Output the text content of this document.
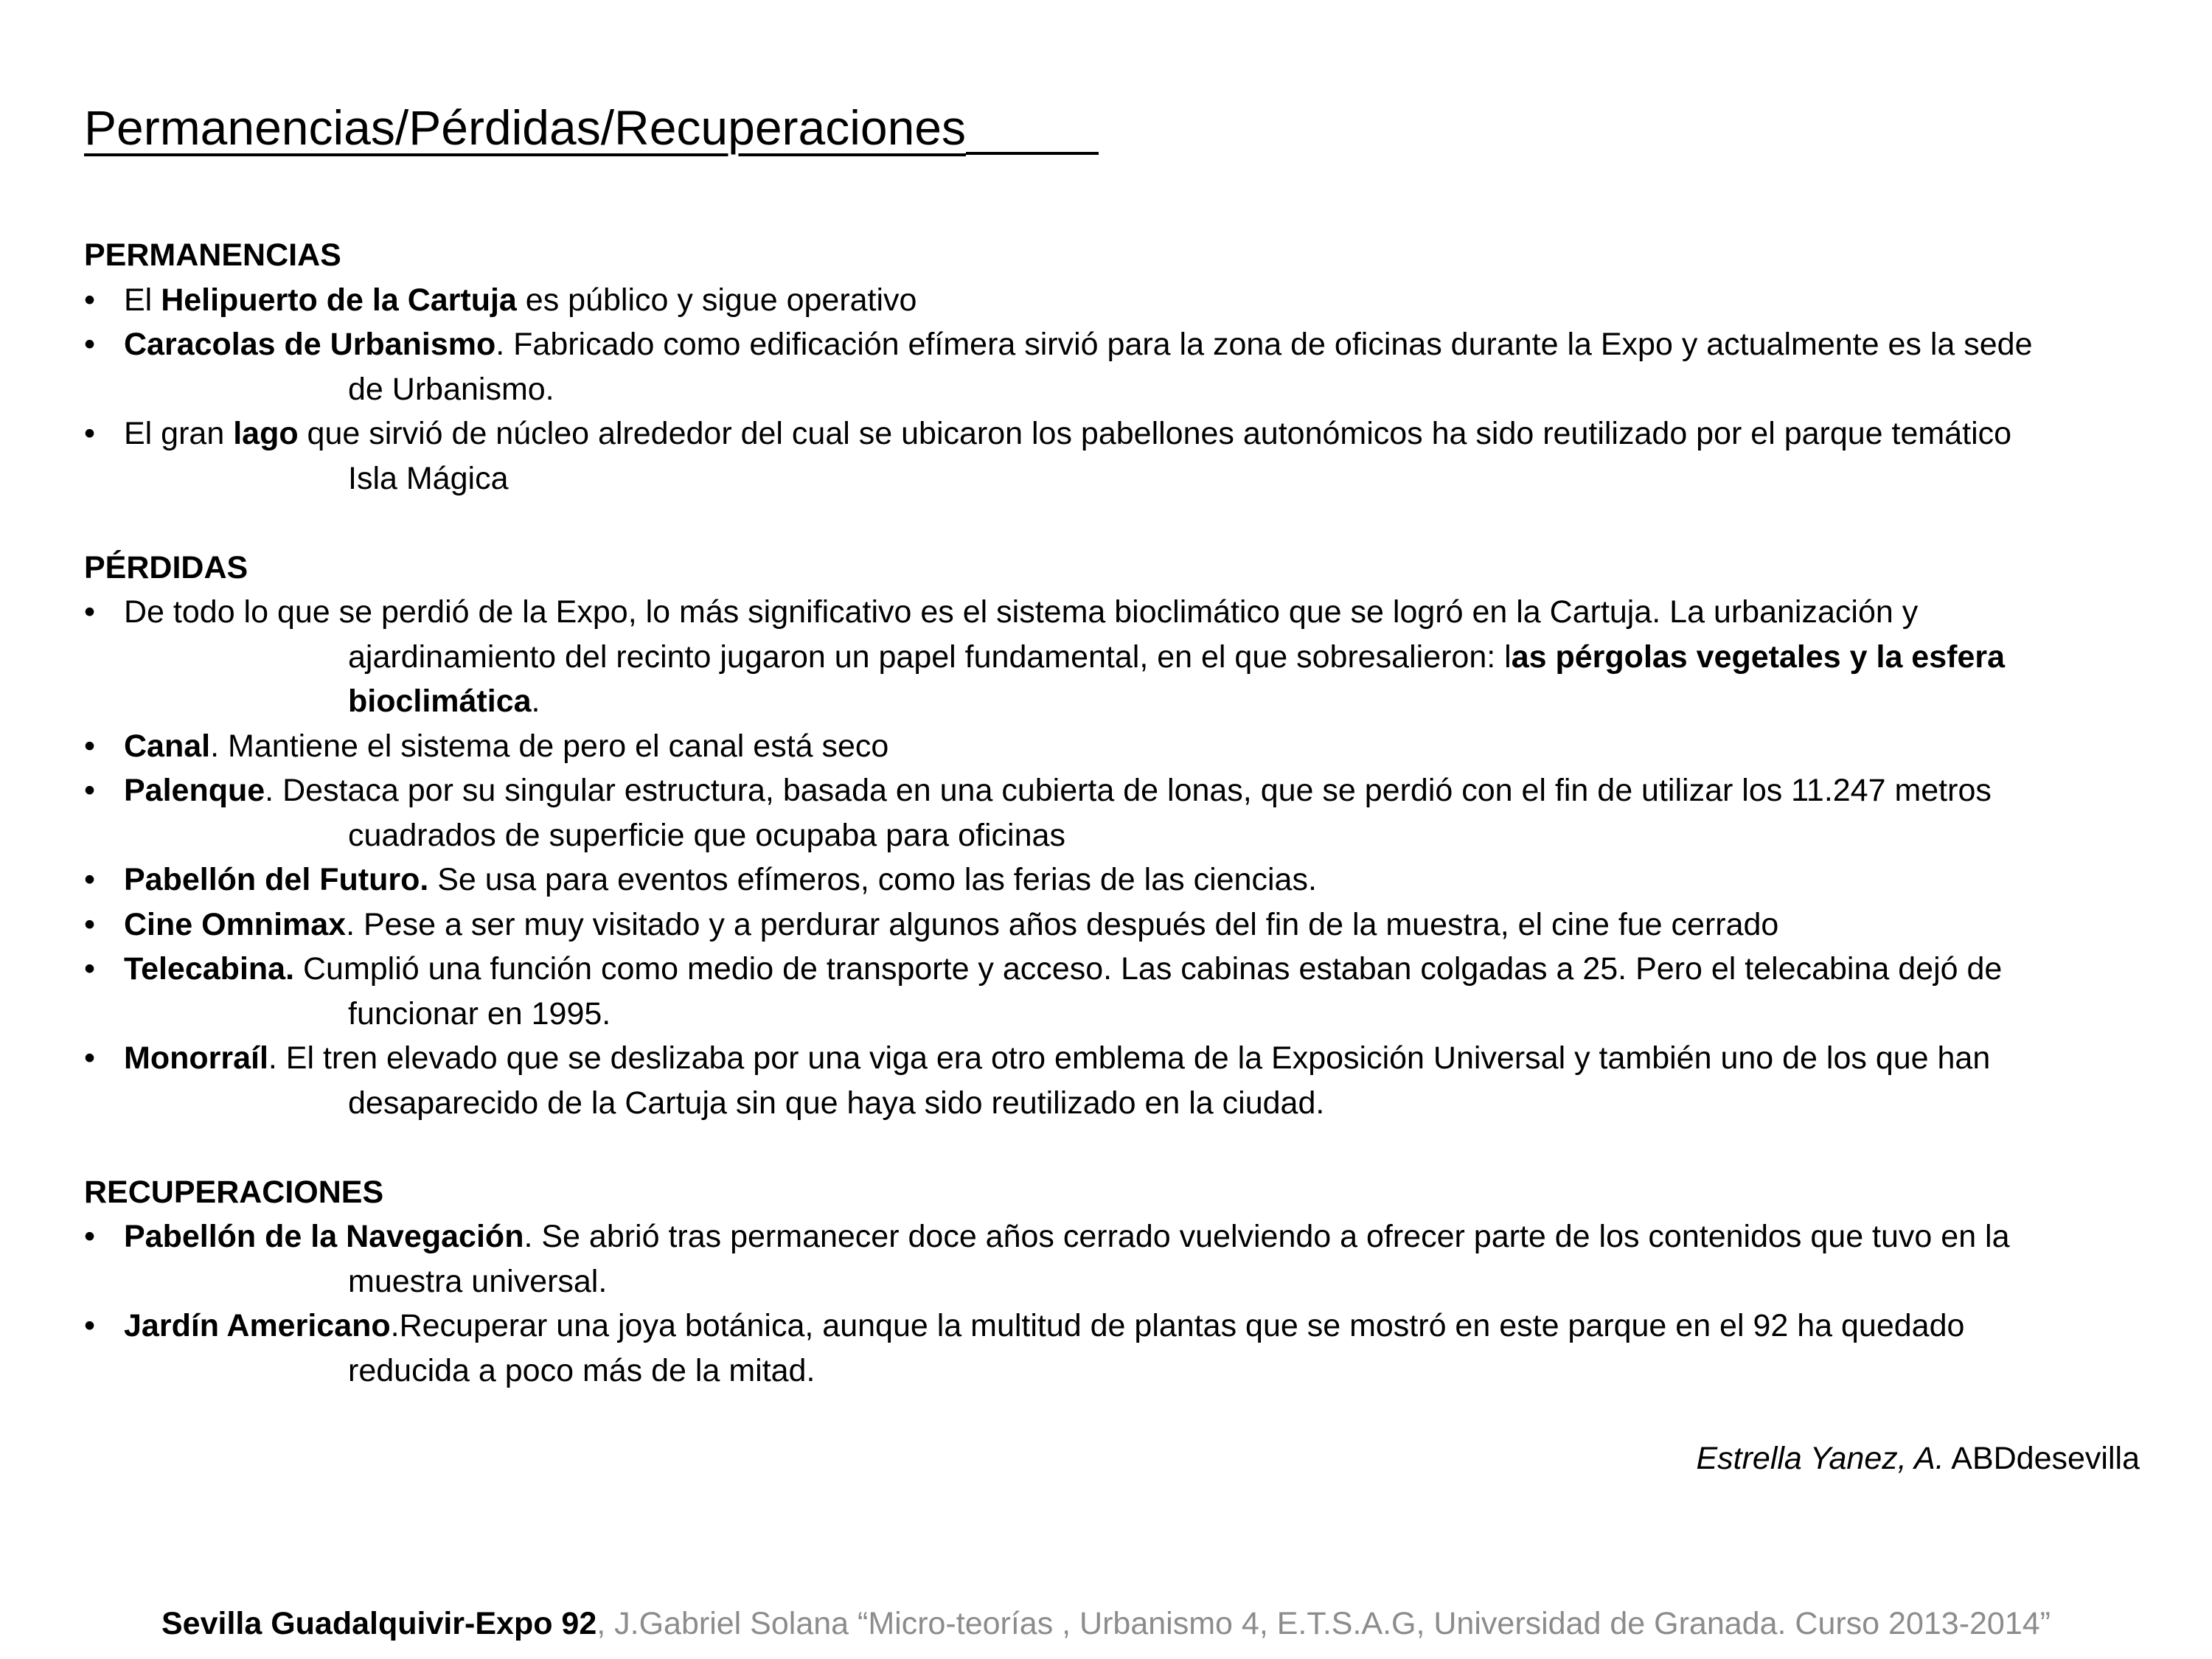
Permanencias/Pérdidas/Recuperaciones

PERMANENCIAS

• El Helipuerto de la Cartuja es público y sigue operativo
• Caracolas de Urbanismo. Fabricado como edificación efímera sirvió para la zona de oficinas durante la Expo y actualmente es la sede
de Urbanismo.
• El gran lago que sirvió de núcleo alrededor del cual se ubicaron los pabellones autonómicos ha sido reutilizado por el parque temático
Isla Mágica

PÉRDIDAS

• De todo lo que se perdió de la Expo, lo más significativo es el sistema bioclimático que se logró en la Cartuja. La urbanización y
ajardinamiento del recinto jugaron un papel fundamental, en el que sobresalieron: las pérgolas vegetales y la esfera
bioclimática.
• Canal. Mantiene el sistema de pero el canal está seco
• Palenque. Destaca por su singular estructura, basada en una cubierta de lonas, que se perdió con el fin de utilizar los 11.247 metros
cuadrados de superficie que ocupaba para oficinas
• Pabellón del Futuro. Se usa para eventos efímeros, como las ferias de las ciencias.
• Cine Omnimax. Pese a ser muy visitado y a perdurar algunos años después del fin de la muestra, el cine fue cerrado
• Telecabina. Cumplió una función como medio de transporte y acceso. Las cabinas estaban colgadas a 25. Pero el telecabina dejó de
funcionar en 1995.
• Monorraíl. El tren elevado que se deslizaba por una viga era otro emblema de la Exposición Universal y también uno de los que han
desaparecido de la Cartuja sin que haya sido reutilizado en la ciudad.

RECUPERACIONES

• Pabellón de la Navegación. Se abrió tras permanecer doce años cerrado vuelviendo a ofrecer parte de los contenidos que tuvo en la
muestra universal.
• Jardín Americano.Recuperar una joya botánica, aunque la multitud de plantas que se mostró en este parque en el 92 ha quedado
reducida a poco más de la mitad.
Estrella Yanez, A. ABDdesevilla
Sevilla Guadalquivir-Expo 92, J.Gabriel Solana “Micro-teorías , Urbanismo 4, E.T.S.A.G, Universidad de Granada. Curso 2013-2014”
